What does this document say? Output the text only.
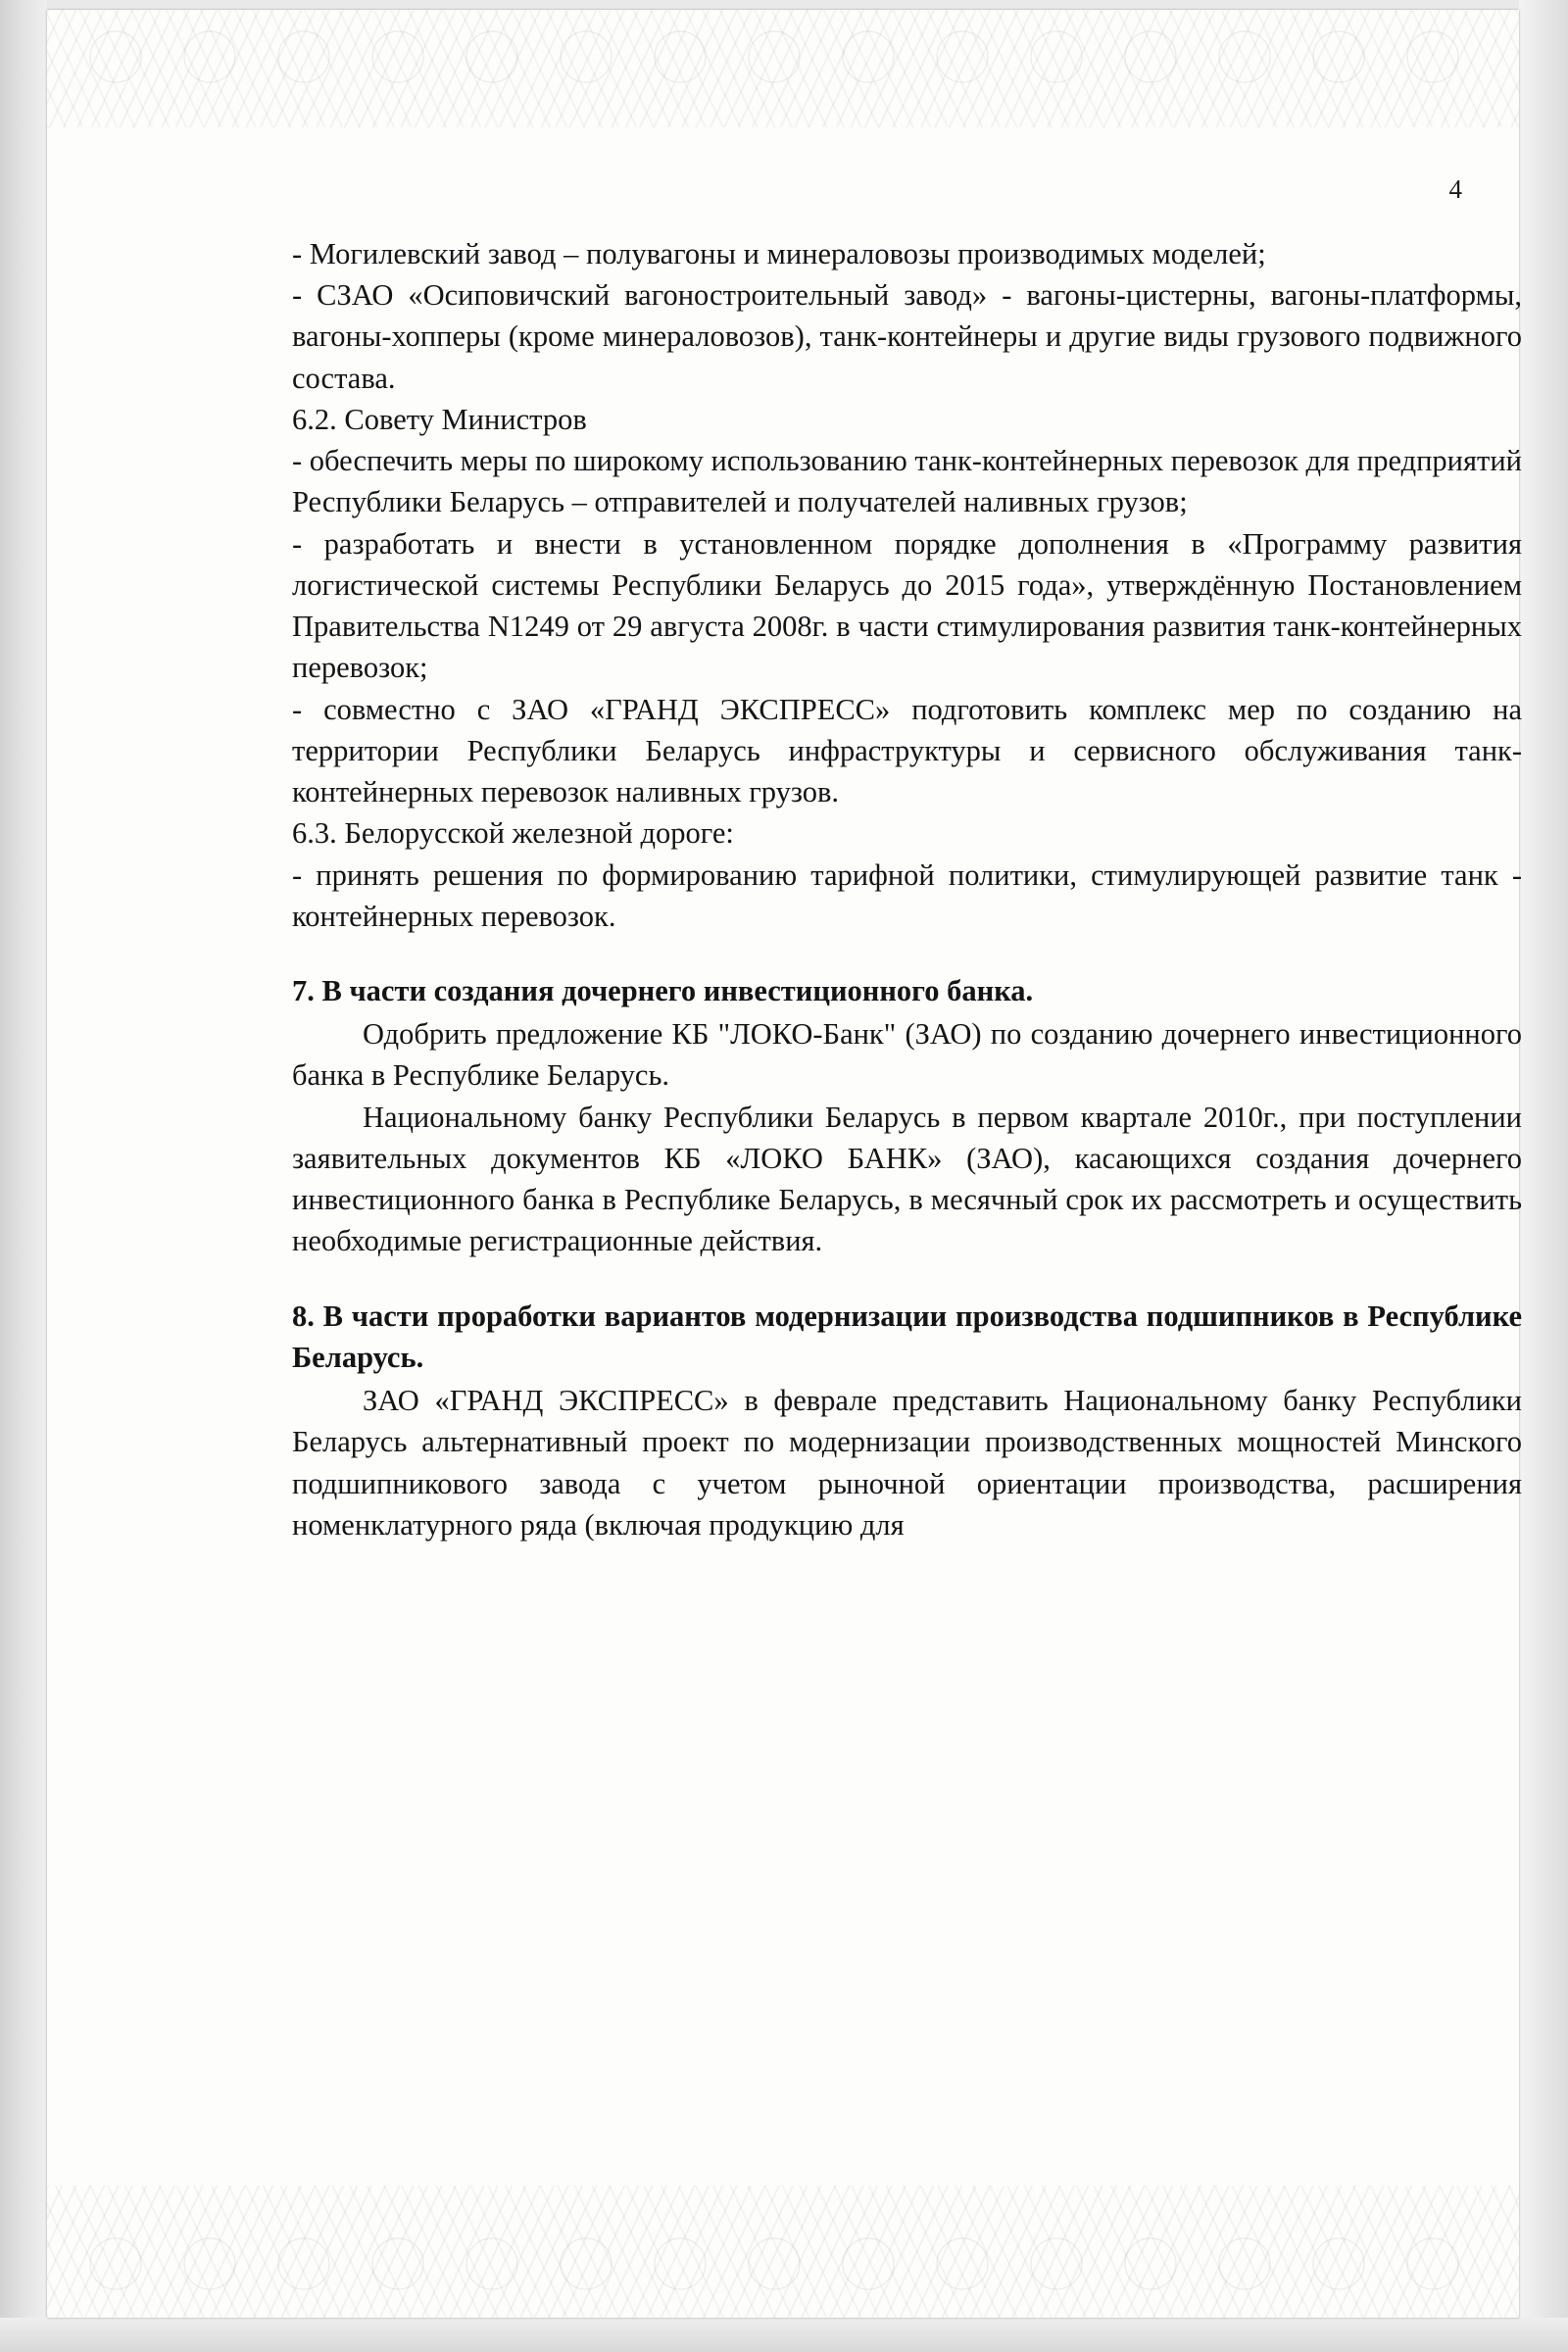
4

- Могилевский завод – полувагоны и минераловозы производимых моделей;

- СЗАО «Осиповичский вагоностроительный завод» - вагоны-цистерны, вагоны-платформы, вагоны-хопперы (кроме минераловозов), танк-контейнеры и другие виды грузового подвижного состава.

6.2. Совету Министров

- обеспечить меры по широкому использованию танк-контейнерных перевозок для предприятий Республики Беларусь – отправителей и получателей наливных грузов;

- разработать и внести в установленном порядке дополнения в «Программу развития логистической системы Республики Беларусь до 2015 года», утверждённую Постановлением Правительства N1249 от 29 августа 2008г. в части стимулирования развития танк-контейнерных перевозок;

- совместно с ЗАО «ГРАНД ЭКСПРЕСС» подготовить комплекс мер по созданию на территории Республики Беларусь инфраструктуры и сервисного обслуживания танк-контейнерных перевозок наливных грузов.

6.3. Белорусской железной дороге:

- принять решения по формированию тарифной политики, стимулирующей развитие танк - контейнерных перевозок.

7. В части создания дочернего инвестиционного банка.

Одобрить предложение КБ "ЛОКО-Банк" (ЗАО) по созданию дочернего инвестиционного банка в Республике Беларусь.

Национальному банку Республики Беларусь в первом квартале 2010г., при поступлении заявительных документов КБ «ЛОКО БАНК» (ЗАО), касающихся создания дочернего инвестиционного банка в Республике Беларусь, в месячный срок их рассмотреть и осуществить необходимые регистрационные действия.

8. В части проработки вариантов модернизации производства подшипников в Республике Беларусь.

ЗАО «ГРАНД ЭКСПРЕСС» в феврале представить Национальному банку Республики Беларусь альтернативный проект по модернизации производственных мощностей Минского подшипникового завода с учетом рыночной ориентации производства, расширения номенклатурного ряда (включая продукцию для
